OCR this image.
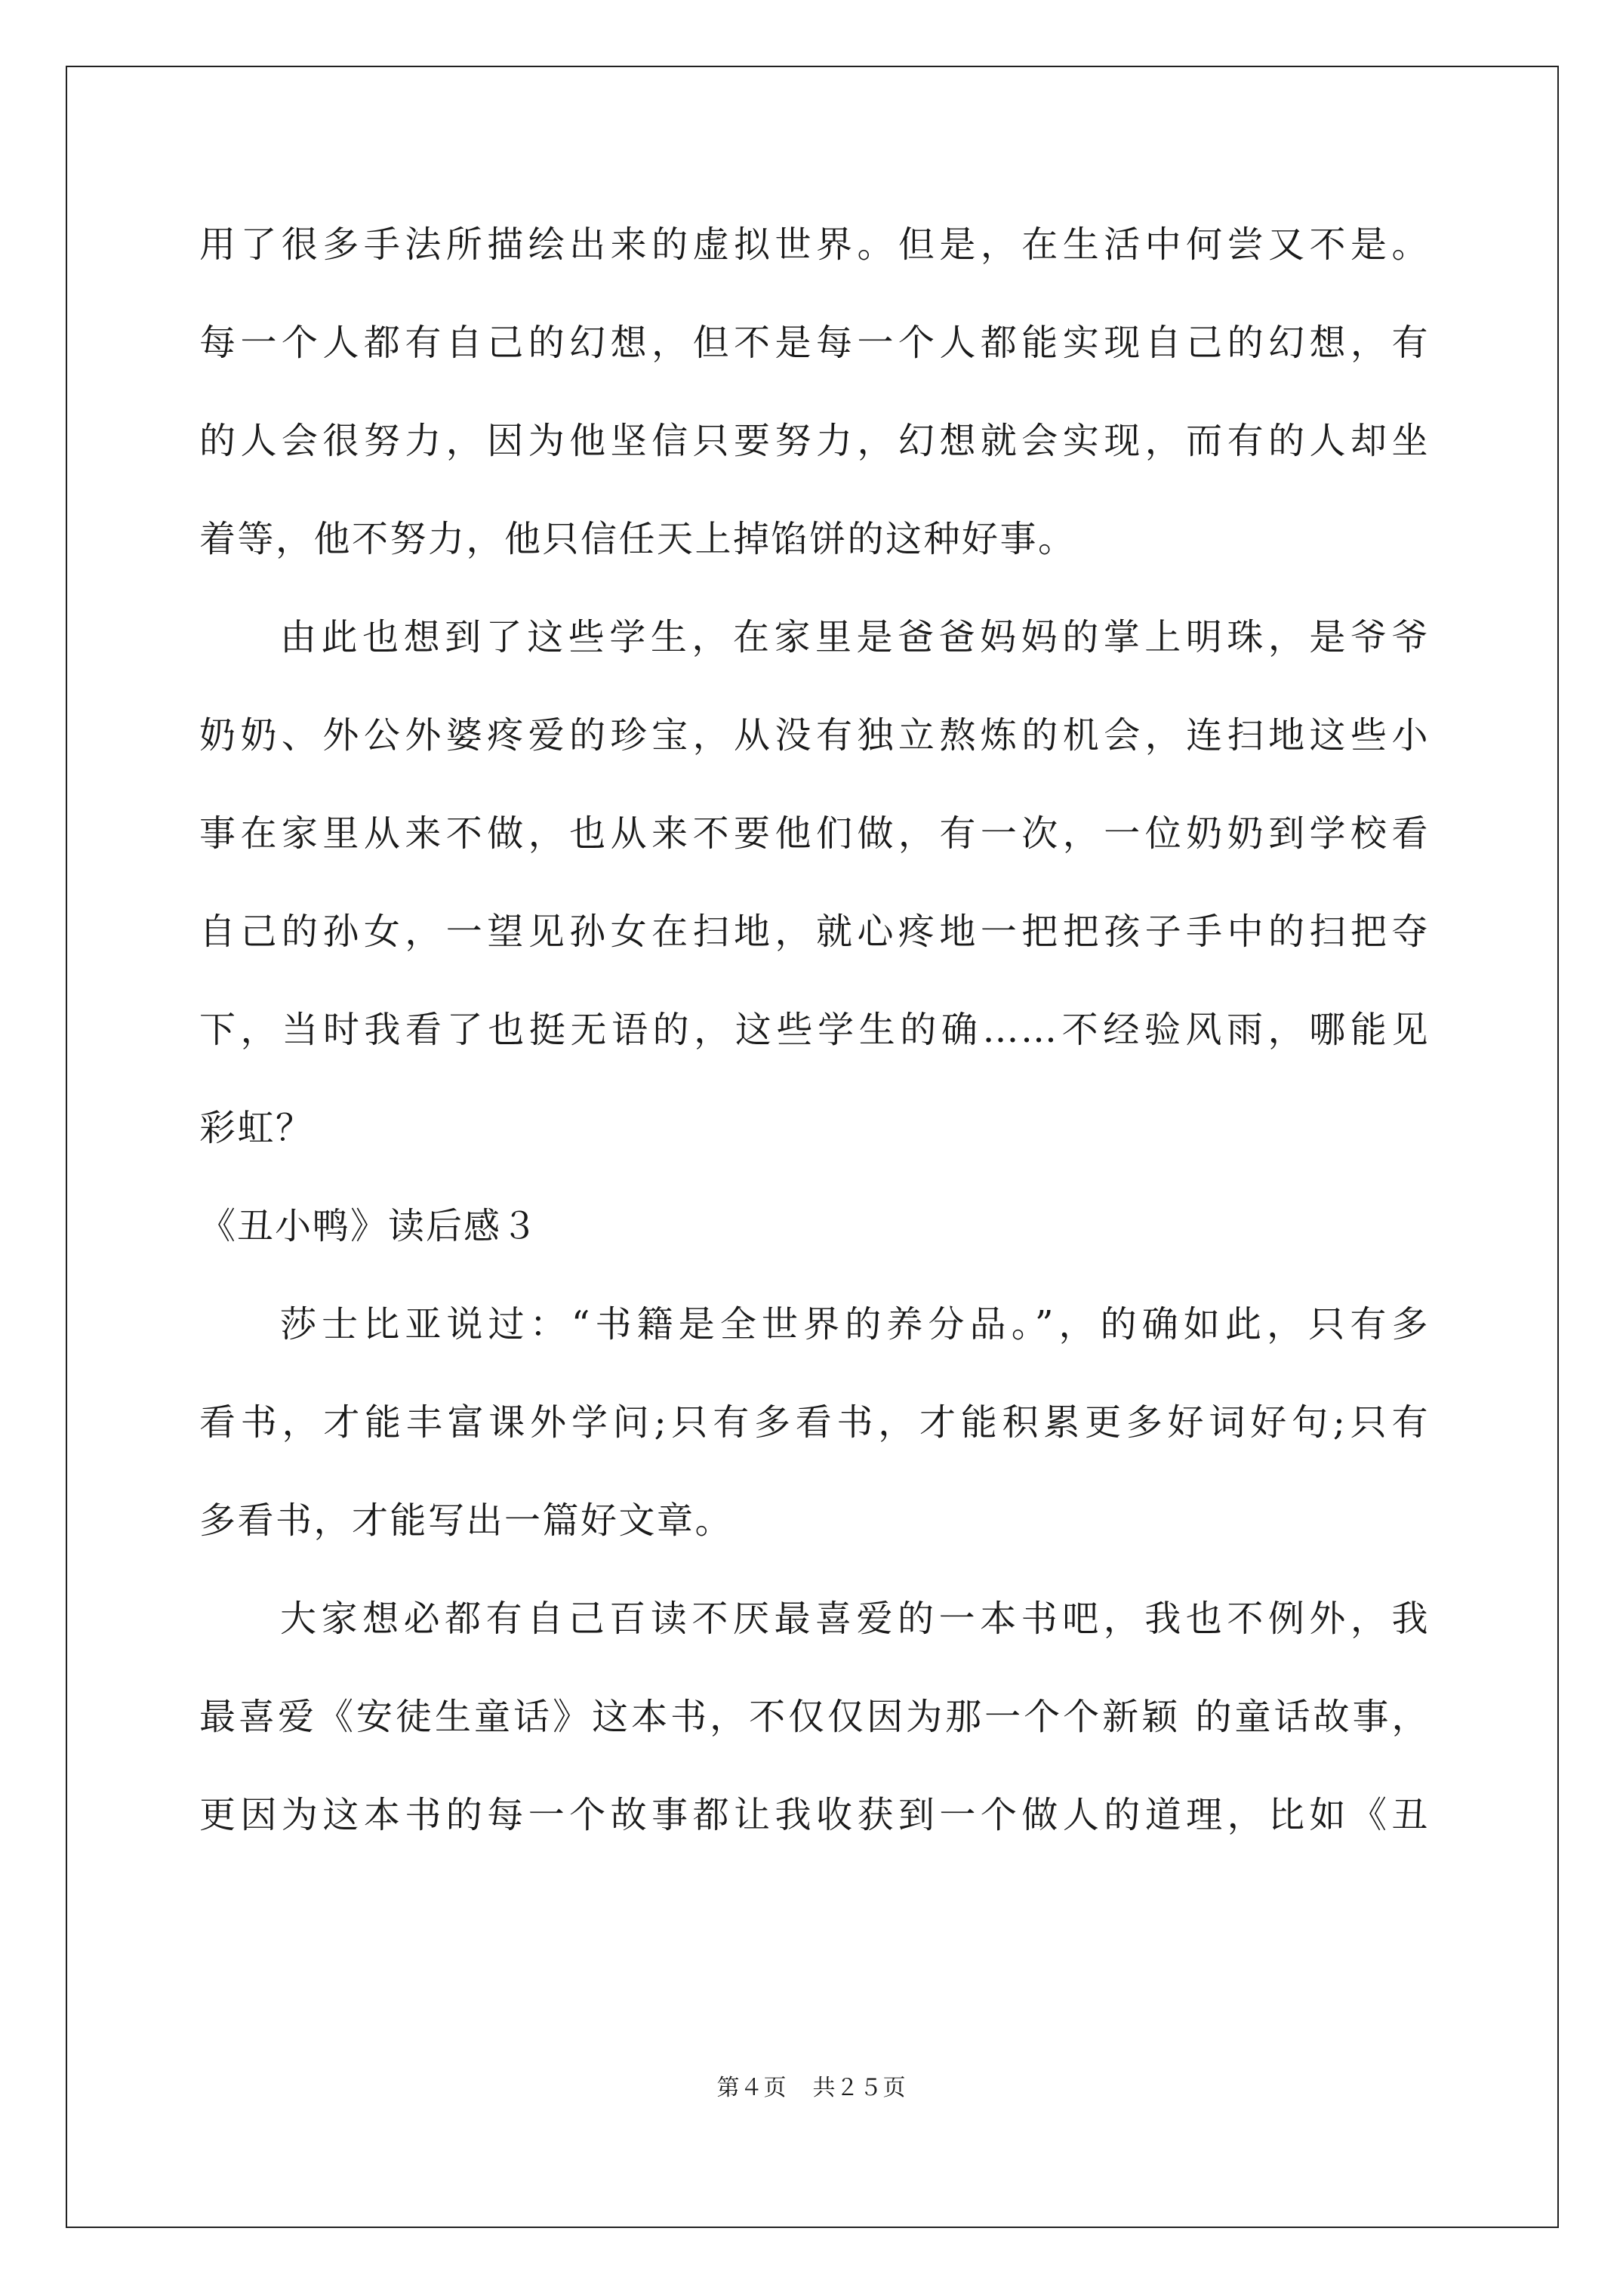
用了很多手法所描绘出来的虚拟世界。但是，在生活中何尝又不是。
每一个人都有自己的幻想，但不是每一个人都能实现自己的幻想，有
的人会很努力，因为他坚信只要努力，幻想就会实现，而有的人却坐
着等，他不努力，他只信任天上掉馅饼的这种好事。
由此也想到了这些学生，在家里是爸爸妈妈的掌上明珠，是爷爷
奶奶、外公外婆疼爱的珍宝，从没有独立熬炼的机会，连扫地这些小
事在家里从来不做，也从来不要他们做，有一次，一位奶奶到学校看
自己的孙女，一望见孙女在扫地，就心疼地一把把孩子手中的扫把夺
下，当时我看了也挺无语的，这些学生的确……不经验风雨，哪能见
彩虹？
《丑小鸭》读后感３
莎士比亚说过：“书籍是全世界的养分品。”，的确如此，只有多
看书，才能丰富课外学问;只有多看书，才能积累更多好词好句;只有
多看书，才能写出一篇好文章。
大家想必都有自己百读不厌最喜爱的一本书吧，我也不例外，我
最喜爱《安徒生童话》这本书，不仅仅因为那一个个新颖 的童话故事，
更因为这本书的每一个故事都让我收获到一个做人的道理，比如《丑
第４页 共２５页
